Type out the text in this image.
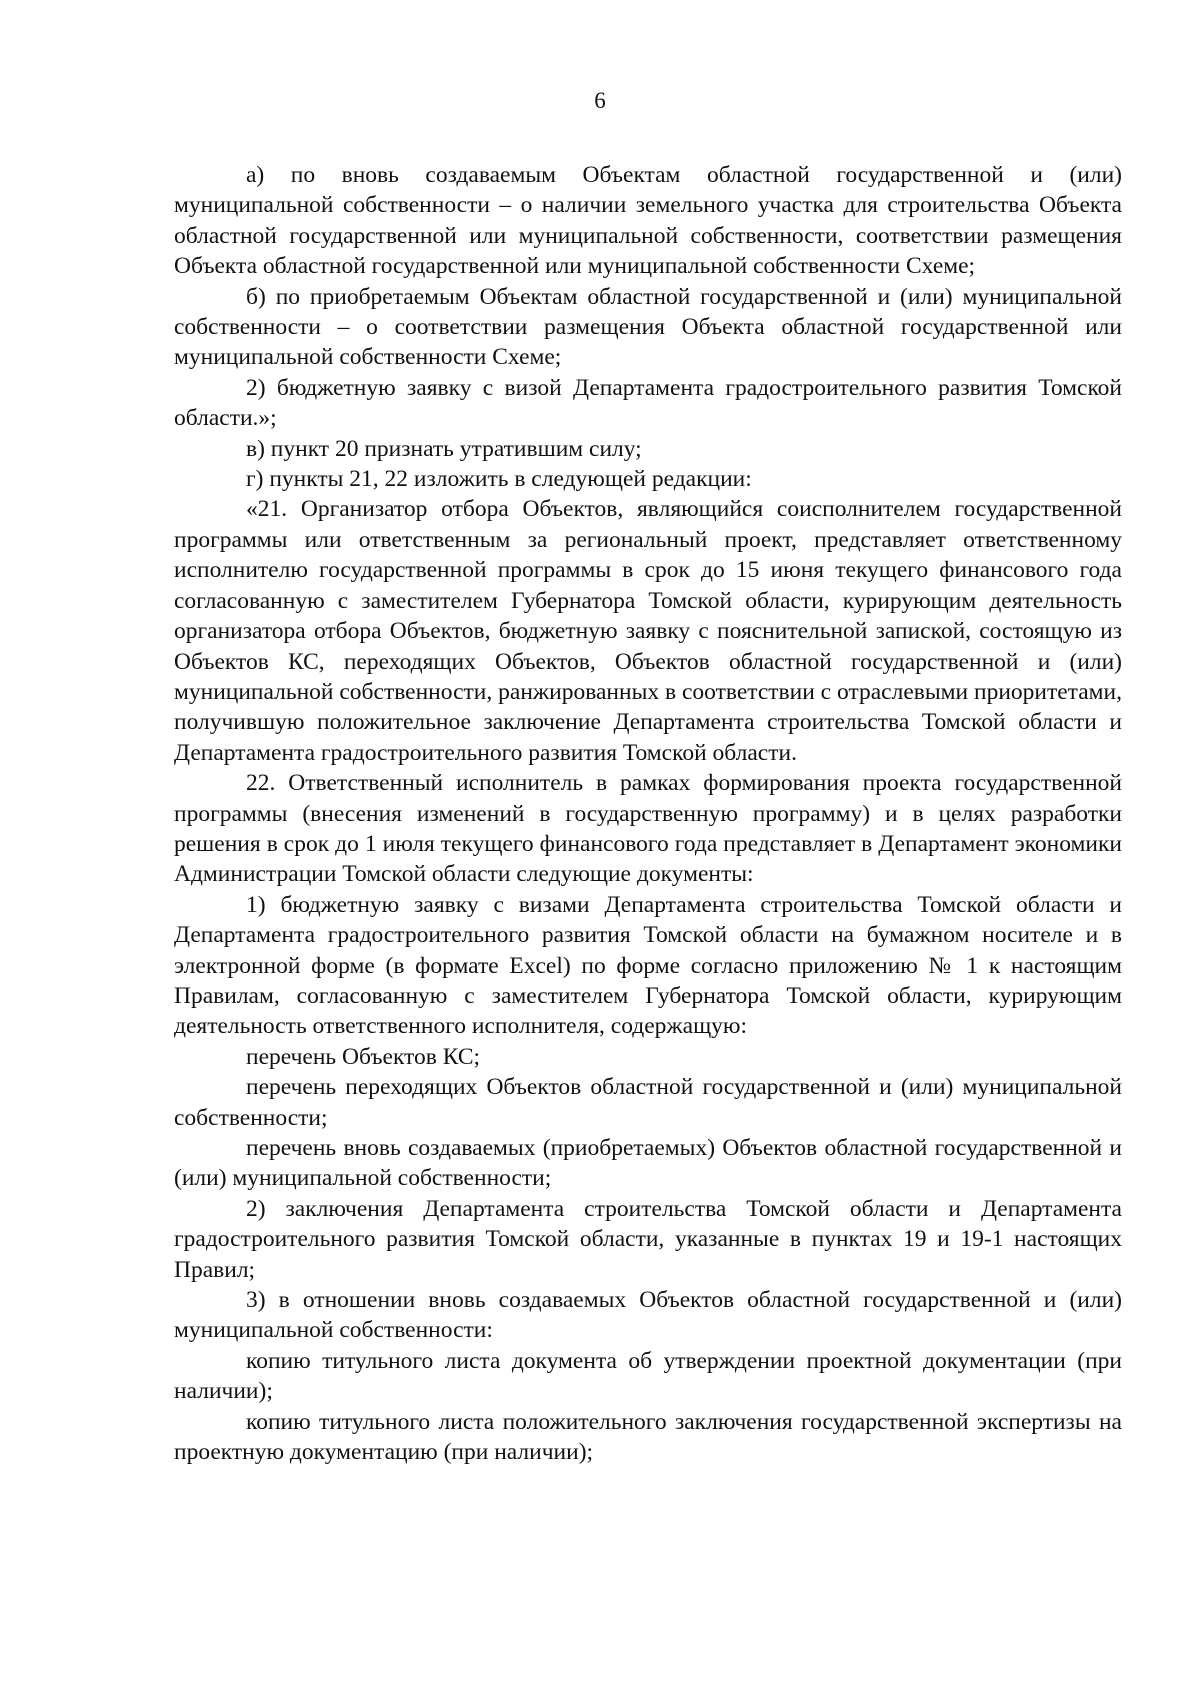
6

а) по вновь создаваемым Объектам областной государственной и (или) муниципальной собственности – о наличии земельного участка для строительства Объекта областной государственной или муниципальной собственности, соответствии размещения Объекта областной государственной или муниципальной собственности Схеме;

б) по приобретаемым Объектам областной государственной и (или) муниципальной собственности – о соответствии размещения Объекта областной государственной или муниципальной собственности Схеме;

2) бюджетную заявку с визой Департамента градостроительного развития Томской области.»;

в) пункт 20 признать утратившим силу;

г) пункты 21, 22 изложить в следующей редакции:

«21. Организатор отбора Объектов, являющийся соисполнителем государственной программы или ответственным за региональный проект, представляет ответственному исполнителю государственной программы в срок до 15 июня текущего финансового года согласованную с заместителем Губернатора Томской области, курирующим деятельность организатора отбора Объектов, бюджетную заявку с пояснительной запиской, состоящую из Объектов КС, переходящих Объектов, Объектов областной государственной и (или) муниципальной собственности, ранжированных в соответствии с отраслевыми приоритетами, получившую положительное заключение Департамента строительства Томской области и Департамента градостроительного развития Томской области.

22. Ответственный исполнитель в рамках формирования проекта государственной программы (внесения изменений в государственную программу) и в целях разработки решения в срок до 1 июля текущего финансового года представляет в Департамент экономики Администрации Томской области следующие документы:

1) бюджетную заявку с визами Департамента строительства Томской области и Департамента градостроительного развития Томской области на бумажном носителе и в электронной форме (в формате Excel) по форме согласно приложению № 1 к настоящим Правилам, согласованную с заместителем Губернатора Томской области, курирующим деятельность ответственного исполнителя, содержащую:

перечень Объектов КС;

перечень переходящих Объектов областной государственной и (или) муниципальной собственности;

перечень вновь создаваемых (приобретаемых) Объектов областной государственной и (или) муниципальной собственности;

2) заключения Департамента строительства Томской области и Департамента градостроительного развития Томской области, указанные в пунктах 19 и 19-1 настоящих Правил;

3) в отношении вновь создаваемых Объектов областной государственной и (или) муниципальной собственности:

копию титульного листа документа об утверждении проектной документации (при наличии);

копию титульного листа положительного заключения государственной экспертизы на проектную документацию (при наличии);
